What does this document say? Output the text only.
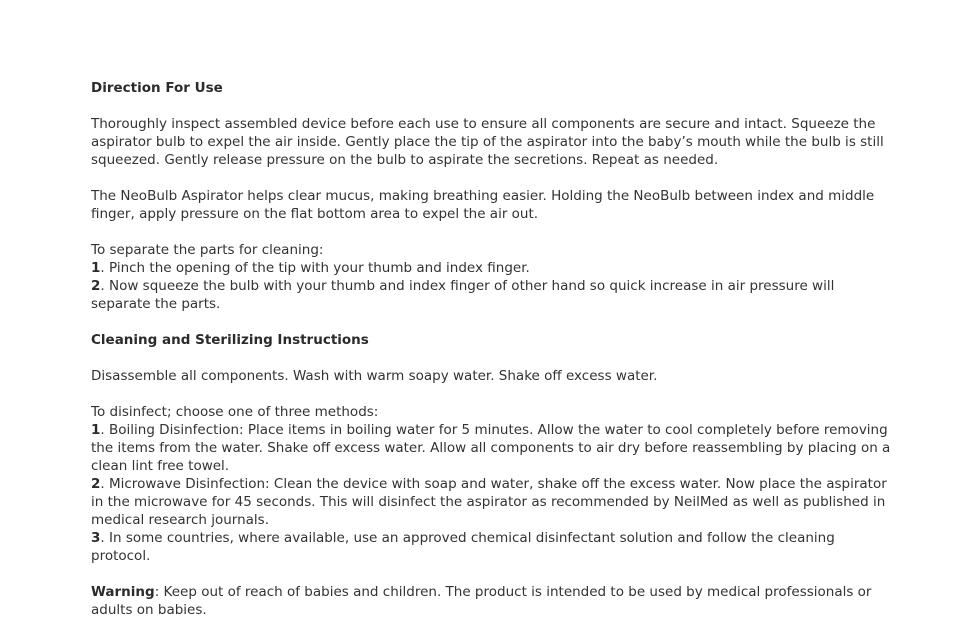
Direction For Use

Thoroughly inspect assembled device before each use to ensure all components are secure and intact. Squeeze the aspirator bulb to expel the air inside. Gently place the tip of the aspirator into the baby’s mouth while the bulb is still squeezed. Gently release pressure on the bulb to aspirate the secretions. Repeat as needed.

The NeoBulb Aspirator helps clear mucus, making breathing easier. Holding the NeoBulb between index and middle finger, apply pressure on the flat bottom area to expel the air out.

To separate the parts for cleaning:

1. Pinch the opening of the tip with your thumb and index finger.

2. Now squeeze the bulb with your thumb and index finger of other hand so quick increase in air pressure will separate the parts.

Cleaning and Sterilizing Instructions

Disassemble all components. Wash with warm soapy water. Shake off excess water.

To disinfect; choose one of three methods:

1. Boiling Disinfection: Place items in boiling water for 5 minutes. Allow the water to cool completely before removing the items from the water. Shake off excess water. Allow all components to air dry before reassembling by placing on a clean lint free towel.

2. Microwave Disinfection: Clean the device with soap and water, shake off the excess water. Now place the aspirator in the microwave for 45 seconds. This will disinfect the aspirator as recommended by NeilMed as well as published in medical research journals.

3. In some countries, where available, use an approved chemical disinfectant solution and follow the cleaning protocol.

Warning: Keep out of reach of babies and children. The product is intended to be used by medical professionals or adults on babies.
